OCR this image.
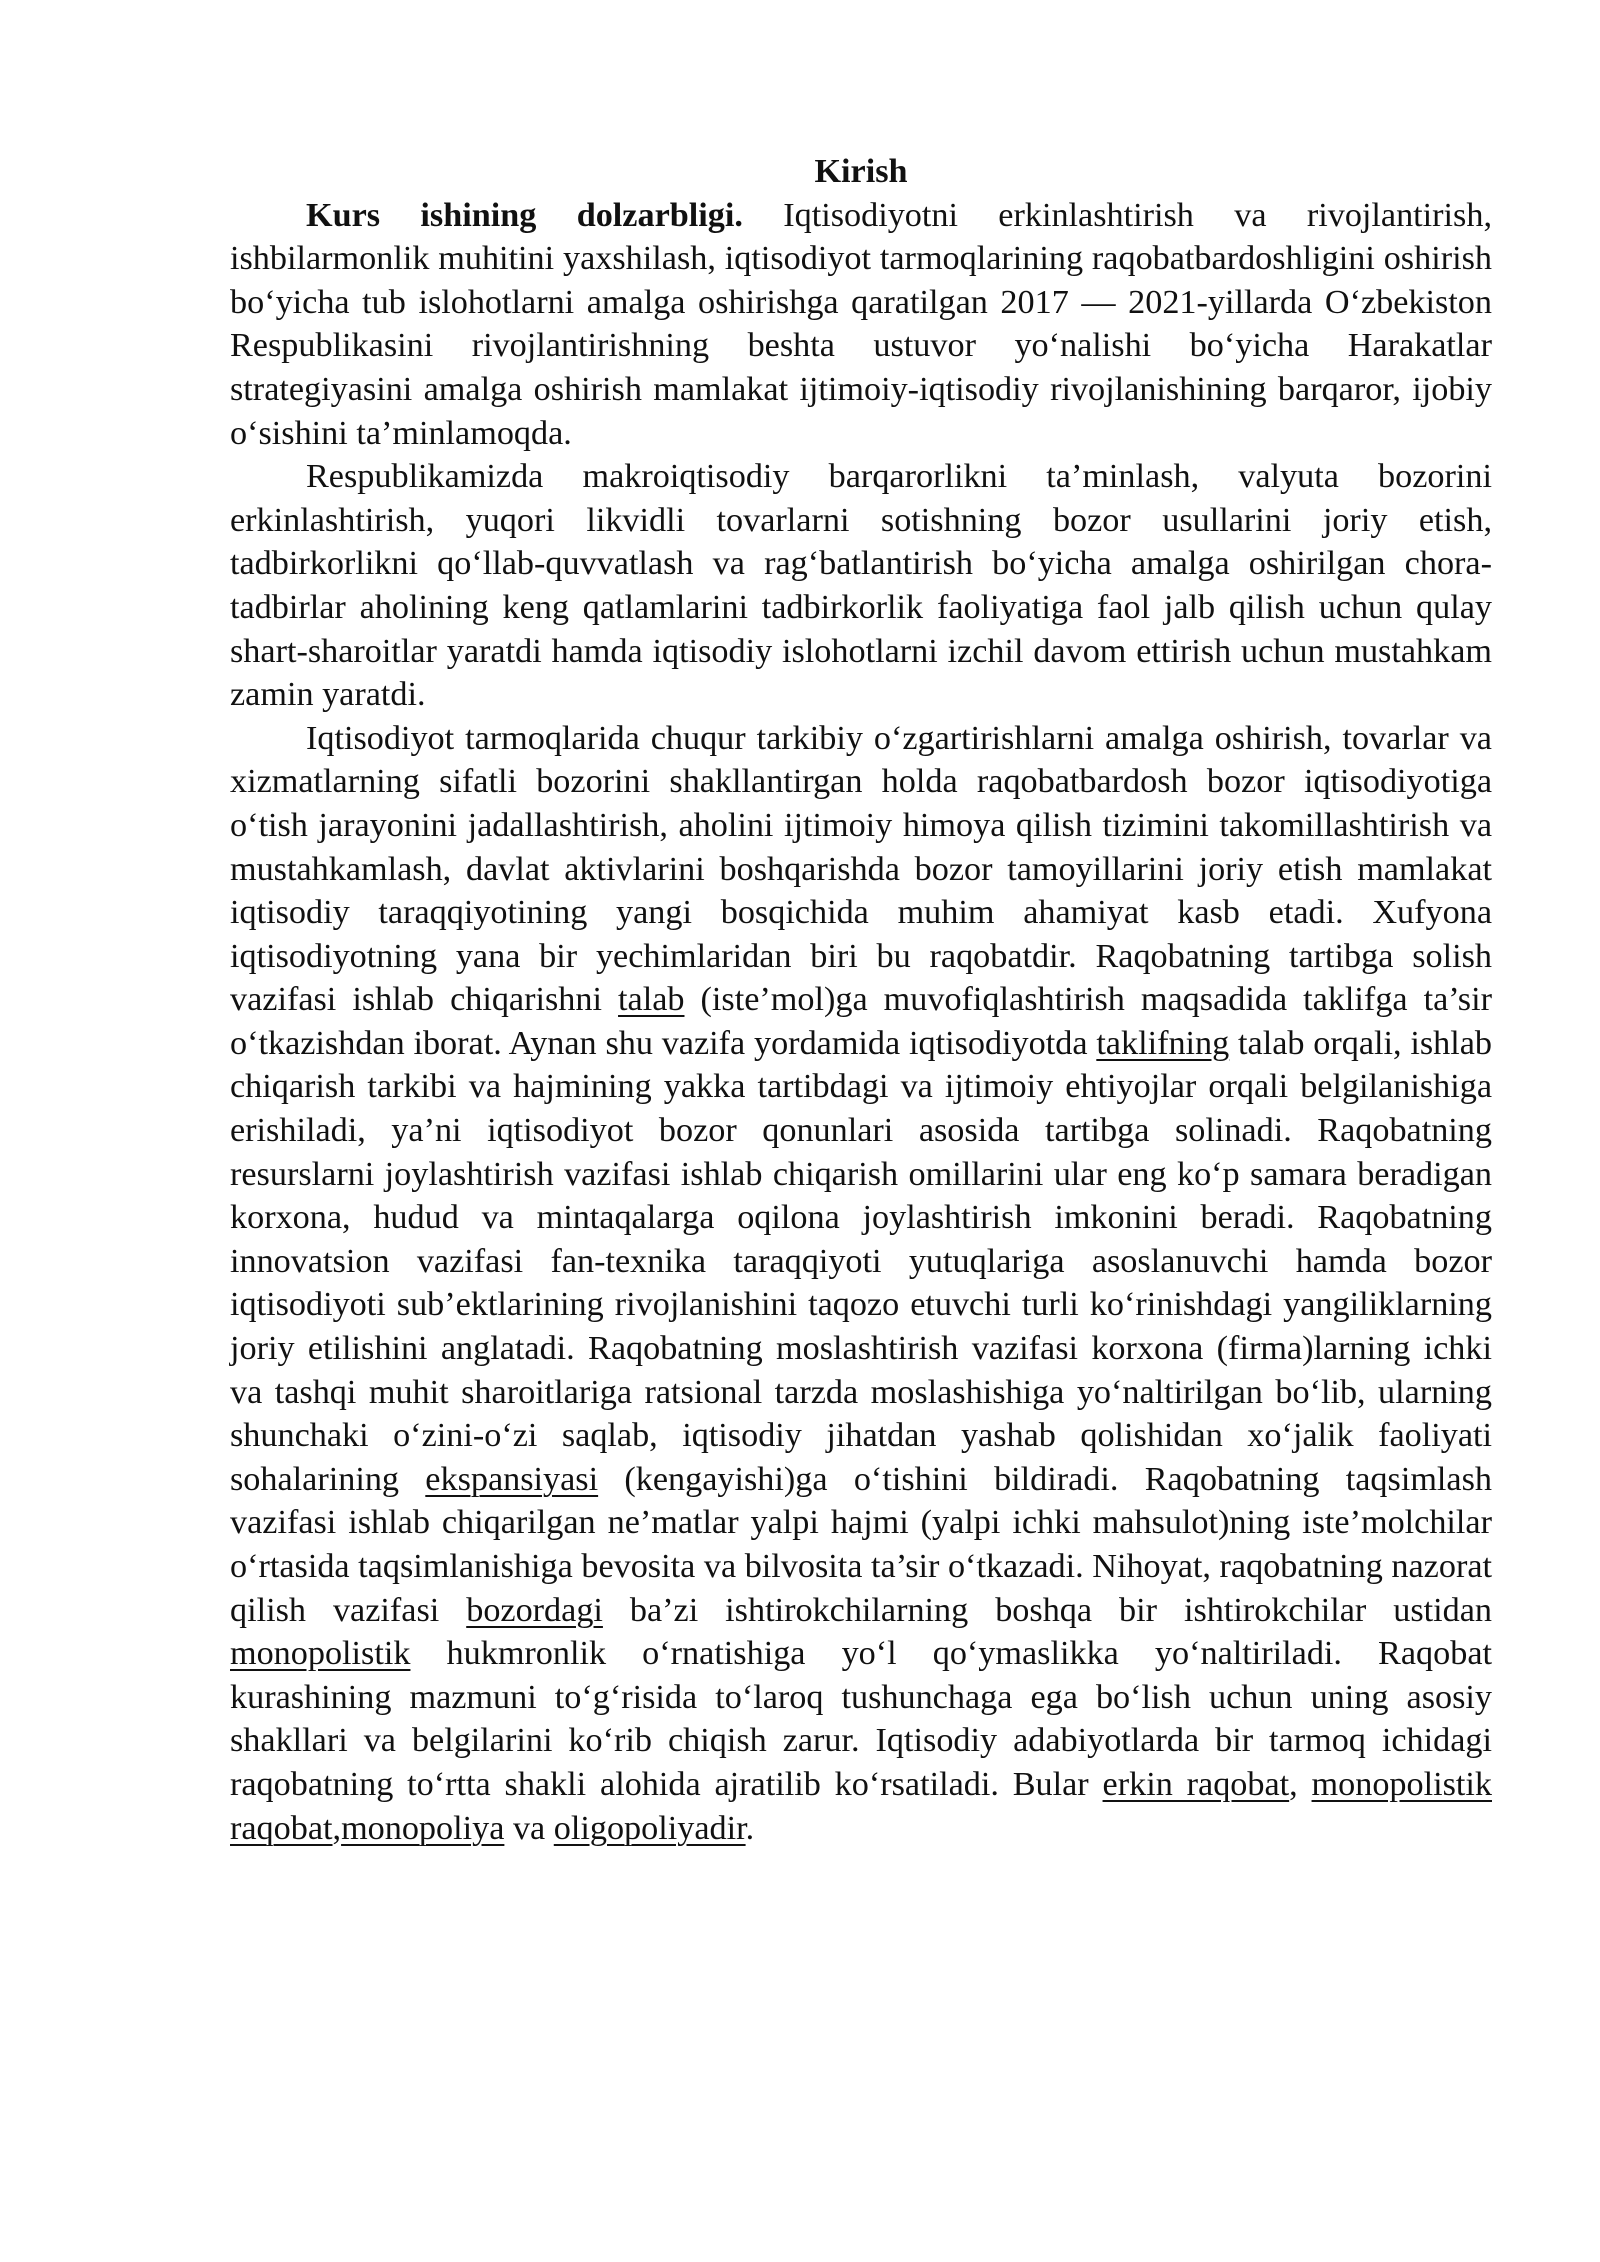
Kirish

Kurs ishining dolzarbligi. Iqtisodiyotni erkinlashtirish va rivojlantirish, ishbilarmonlik muhitini yaxshilash, iqtisodiyot tarmoqlarining raqobatbardoshligini oshirish bo‘yicha tub islohotlarni amalga oshirishga qaratilgan 2017 — 2021-yillarda O‘zbekiston Respublikasini rivojlantirishning beshta ustuvor yo‘nalishi bo‘yicha Harakatlar strategiyasini amalga oshirish mamlakat ijtimoiy-iqtisodiy rivojlanishining barqaror, ijobiy o‘sishini ta’minlamoqda.

Respublikamizda makroiqtisodiy barqarorlikni ta’minlash, valyuta bozorini erkinlashtirish, yuqori likvidli tovarlarni sotishning bozor usullarini joriy etish, tadbirkorlikni qo‘llab-quvvatlash va rag‘batlantirish bo‘yicha amalga oshirilgan chora-tadbirlar aholining keng qatlamlarini tadbirkorlik faoliyatiga faol jalb qilish uchun qulay shart-sharoitlar yaratdi hamda iqtisodiy islohotlarni izchil davom ettirish uchun mustahkam zamin yaratdi.

Iqtisodiyot tarmoqlarida chuqur tarkibiy o‘zgartirishlarni amalga oshirish, tovarlar va xizmatlarning sifatli bozorini shakllantirgan holda raqobatbardosh bozor iqtisodiyotiga o‘tish jarayonini jadallashtirish, aholini ijtimoiy himoya qilish tizimini takomillashtirish va mustahkamlash, davlat aktivlarini boshqarishda bozor tamoyillarini joriy etish mamlakat iqtisodiy taraqqiyotining yangi bosqichida muhim ahamiyat kasb etadi. Xufyona iqtisodiyotning yana bir yechimlaridan biri bu raqobatdir. Raqobatning tartibga solish vazifasi ishlab chiqarishni talab (iste’mol)ga muvofiqlashtirish maqsadida taklifga ta’sir o‘tkazishdan iborat. Aynan shu vazifa yordamida iqtisodiyotda taklifning talab orqali, ishlab chiqarish tarkibi va hajmining yakka tartibdagi va ijtimoiy ehtiyojlar orqali belgilanishiga erishiladi, ya’ni iqtisodiyot bozor qonunlari asosida tartibga solinadi. Raqobatning resurslarni joylashtirish vazifasi ishlab chiqarish omillarini ular eng ko‘p samara beradigan korxona, hudud va mintaqalarga oqilona joylashtirish imkonini beradi. Raqobatning innovatsion vazifasi fan-texnika taraqqiyoti yutuqlariga asoslanuvchi hamda bozor iqtisodiyoti sub’ektlarining rivojlanishini taqozo etuvchi turli ko‘rinishdagi yangiliklarning joriy etilishini anglatadi. Raqobatning moslashtirish vazifasi korxona (firma)larning ichki va tashqi muhit sharoitlariga ratsional tarzda moslashishiga yo‘naltirilgan bo‘lib, ularning shunchaki o‘zini-o‘zi saqlab, iqtisodiy jihatdan yashab qolishidan xo‘jalik faoliyati sohalarining ekspansiyasi (kengayishi)ga o‘tishini bildiradi. Raqobatning taqsimlash vazifasi ishlab chiqarilgan ne’matlar yalpi hajmi (yalpi ichki mahsulot)ning iste’molchilar o‘rtasida taqsimlanishiga bevosita va bilvosita ta’sir o‘tkazadi. Nihoyat, raqobatning nazorat qilish vazifasi bozordagi ba’zi ishtirokchilarning boshqa bir ishtirokchilar ustidan monopolistik hukmronlik o‘rnatishiga yo‘l qo‘ymaslikka yo‘naltiriladi. Raqobat kurashining mazmuni to‘g‘risida to‘laroq tushunchaga ega bo‘lish uchun uning asosiy shakllari va belgilarini ko‘rib chiqish zarur. Iqtisodiy adabiyotlarda bir tarmoq ichidagi raqobatning to‘rtta shakli alohida ajratilib ko‘rsatiladi. Bular erkin raqobat, monopolistik raqobat,monopoliya va oligopoliyadir.
